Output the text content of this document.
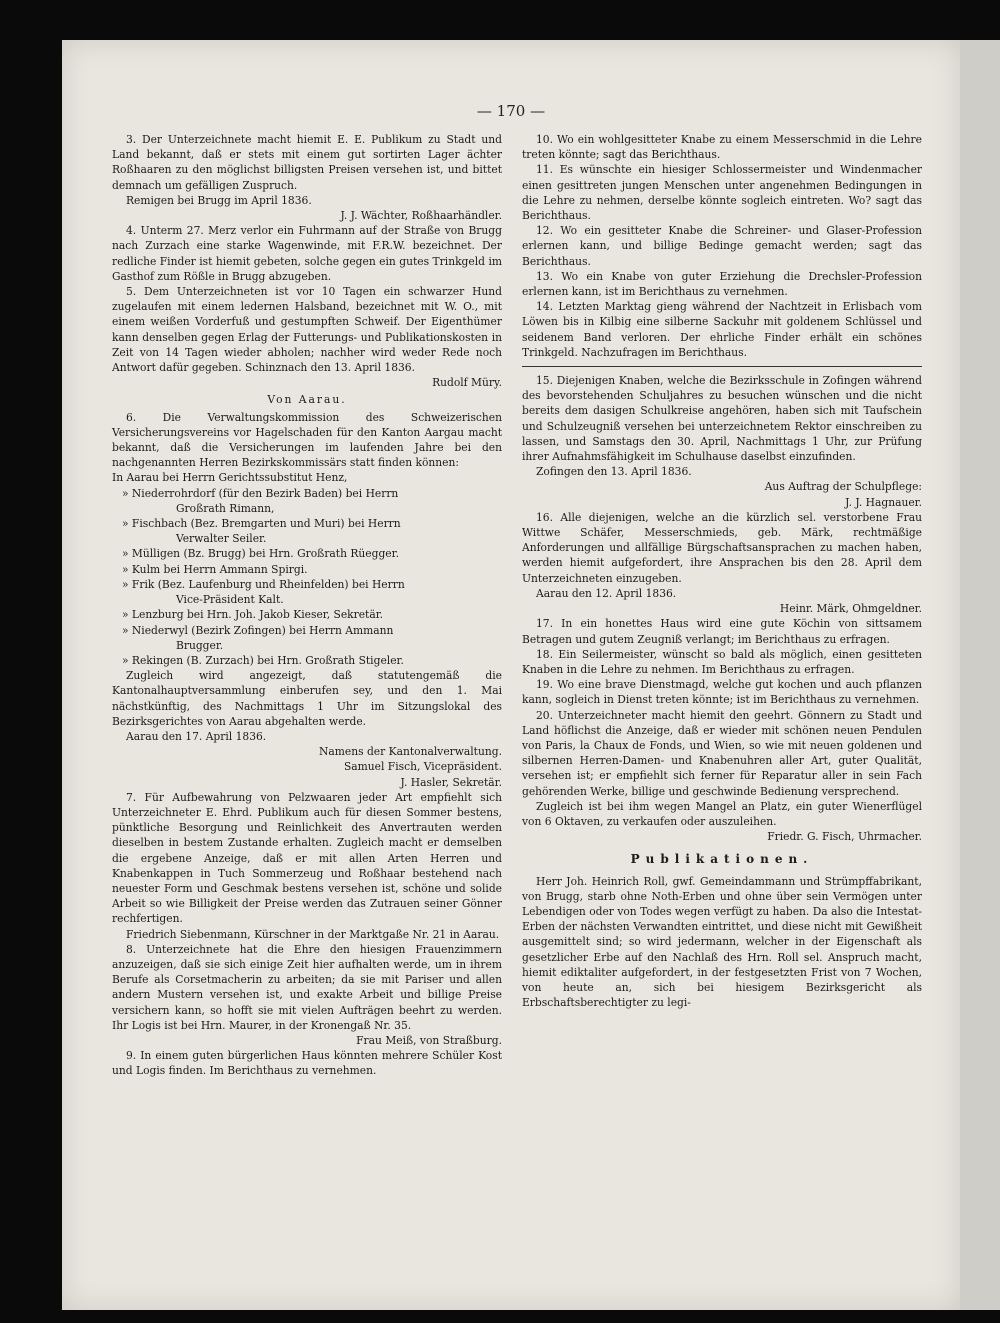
— 170 —

3. Der Unterzeichnete macht hiemit E. E. Publikum zu Stadt und Land bekannt, daß er stets mit einem gut sortirten Lager ächter Roßhaaren zu den möglichst billigsten Preisen versehen ist, und bittet demnach um gefälligen Zuspruch.

Remigen bei Brugg im April 1836.

J. J. Wächter, Roßhaarhändler.

4. Unterm 27. Merz verlor ein Fuhrmann auf der Straße von Brugg nach Zurzach eine starke Wagenwinde, mit F.R.W. bezeichnet. Der redliche Finder ist hiemit gebeten, solche gegen ein gutes Trinkgeld im Gasthof zum Rößle in Brugg abzugeben.

5. Dem Unterzeichneten ist vor 10 Tagen ein schwarzer Hund zugelaufen mit einem ledernen Halsband, bezeichnet mit W. O., mit einem weißen Vorderfuß und gestumpften Schweif. Der Eigenthümer kann denselben gegen Erlag der Futterungs- und Publikationskosten in Zeit von 14 Tagen wieder abholen; nachher wird weder Rede noch Antwort dafür gegeben. Schinznach den 13. April 1836.

Rudolf Müry.

Von Aarau.

6. Die Verwaltungskommission des Schweizerischen Versicherungsvereins vor Hagelschaden für den Kanton Aargau macht bekannt, daß die Versicherungen im laufenden Jahre bei den nachgenannten Herren Bezirkskommissärs statt finden können:

In Aarau bei Herrn Gerichtssubstitut Henz,

» Niederrohrdorf (für den Bezirk Baden) bei Herrn

Großrath Rimann,

» Fischbach (Bez. Bremgarten und Muri) bei Herrn

Verwalter Seiler.

» Mülligen (Bz. Brugg) bei Hrn. Großrath Rüegger.

» Kulm bei Herrn Ammann Spirgi.

» Frik (Bez. Laufenburg und Rheinfelden) bei Herrn

Vice-Präsident Kalt.

» Lenzburg bei Hrn. Joh. Jakob Kieser, Sekretär.

» Niederwyl (Bezirk Zofingen) bei Herrn Ammann

Brugger.

» Rekingen (B. Zurzach) bei Hrn. Großrath Stigeler.

Zugleich wird angezeigt, daß statutengemäß die Kantonalhauptversammlung einberufen sey, und den 1. Mai nächstkünftig, des Nachmittags 1 Uhr im Sitzungslokal des Bezirksgerichtes von Aarau abgehalten werde.

Aarau den 17. April 1836.

Namens der Kantonalverwaltung.

Samuel Fisch, Vicepräsident.

J. Hasler, Sekretär.

7. Für Aufbewahrung von Pelzwaaren jeder Art empfiehlt sich Unterzeichneter E. Ehrd. Publikum auch für diesen Sommer bestens, pünktliche Besorgung und Reinlichkeit des Anvertrauten werden dieselben in bestem Zustande erhalten. Zugleich macht er demselben die ergebene Anzeige, daß er mit allen Arten Herren und Knabenkappen in Tuch Sommerzeug und Roßhaar bestehend nach neuester Form und Geschmak bestens versehen ist, schöne und solide Arbeit so wie Billigkeit der Preise werden das Zutrauen seiner Gönner rechfertigen.

Friedrich Siebenmann, Kürschner in der Marktgaße Nr. 21 in Aarau.

8. Unterzeichnete hat die Ehre den hiesigen Frauenzimmern anzuzeigen, daß sie sich einige Zeit hier aufhalten werde, um in ihrem Berufe als Corsetmacherin zu arbeiten; da sie mit Pariser und allen andern Mustern versehen ist, und exakte Arbeit und billige Preise versichern kann, so hofft sie mit vielen Aufträgen beehrt zu werden. Ihr Logis ist bei Hrn. Maurer, in der Kronengaß Nr. 35.

Frau Meiß, von Straßburg.

9. In einem guten bürgerlichen Haus könnten mehrere Schüler Kost und Logis finden. Im Berichthaus zu vernehmen.

10. Wo ein wohlgesitteter Knabe zu einem Messerschmid in die Lehre treten könnte; sagt das Berichthaus.

11. Es wünschte ein hiesiger Schlossermeister und Windenmacher einen gesittreten jungen Menschen unter angenehmen Bedingungen in die Lehre zu nehmen, derselbe könnte sogleich eintreten. Wo? sagt das Berichthaus.

12. Wo ein gesitteter Knabe die Schreiner- und Glaser-Profession erlernen kann, und billige Bedinge gemacht werden; sagt das Berichthaus.

13. Wo ein Knabe von guter Erziehung die Drechsler-Profession erlernen kann, ist im Berichthaus zu vernehmen.

14. Letzten Marktag gieng während der Nachtzeit in Erlisbach vom Löwen bis in Kilbig eine silberne Sackuhr mit goldenem Schlüssel und seidenem Band verloren. Der ehrliche Finder erhält ein schönes Trinkgeld. Nachzufragen im Berichthaus.

15. Diejenigen Knaben, welche die Bezirksschule in Zofingen während des bevorstehenden Schuljahres zu besuchen wünschen und die nicht bereits dem dasigen Schulkreise angehören, haben sich mit Taufschein und Schulzeugniß versehen bei unterzeichnetem Rektor einschreiben zu lassen, und Samstags den 30. April, Nachmittags 1 Uhr, zur Prüfung ihrer Aufnahmsfähigkeit im Schulhause daselbst einzufinden.

Zofingen den 13. April 1836.

Aus Auftrag der Schulpflege:

J. J. Hagnauer.

16. Alle diejenigen, welche an die kürzlich sel. verstorbene Frau Wittwe Schäfer, Messerschmieds, geb. Märk, rechtmäßige Anforderungen und allfällige Bürgschaftsansprachen zu machen haben, werden hiemit aufgefordert, ihre Ansprachen bis den 28. April dem Unterzeichneten einzugeben.

Aarau den 12. April 1836.

Heinr. Märk, Ohmgeldner.

17. In ein honettes Haus wird eine gute Köchin von sittsamem Betragen und gutem Zeugniß verlangt; im Berichthaus zu erfragen.

18. Ein Seilermeister, wünscht so bald als möglich, einen gesitteten Knaben in die Lehre zu nehmen. Im Berichthaus zu erfragen.

19. Wo eine brave Dienstmagd, welche gut kochen und auch pflanzen kann, sogleich in Dienst treten könnte; ist im Berichthaus zu vernehmen.

20. Unterzeichneter macht hiemit den geehrt. Gönnern zu Stadt und Land höflichst die Anzeige, daß er wieder mit schönen neuen Pendulen von Paris, la Chaux de Fonds, und Wien, so wie mit neuen goldenen und silbernen Herren-Damen- und Knabenuhren aller Art, guter Qualität, versehen ist; er empfiehlt sich ferner für Reparatur aller in sein Fach gehörenden Werke, billige und geschwinde Bedienung versprechend.

Zugleich ist bei ihm wegen Mangel an Platz, ein guter Wienerflügel von 6 Oktaven, zu verkaufen oder auszuleihen.

Friedr. G. Fisch, Uhrmacher.

Publikationen.

Herr Joh. Heinrich Roll, gwf. Gemeindammann und Strümpffabrikant, von Brugg, starb ohne Noth-Erben und ohne über sein Vermögen unter Lebendigen oder von Todes wegen verfügt zu haben. Da also die Intestat-Erben der nächsten Verwandten eintrittet, und diese nicht mit Gewißheit ausgemittelt sind; so wird jedermann, welcher in der Eigenschaft als gesetzlicher Erbe auf den Nachlaß des Hrn. Roll sel. Anspruch macht, hiemit ediktaliter aufgefordert, in der festgesetzten Frist von 7 Wochen, von heute an, sich bei hiesigem Bezirksgericht als Erbschaftsberechtigter zu legi-
